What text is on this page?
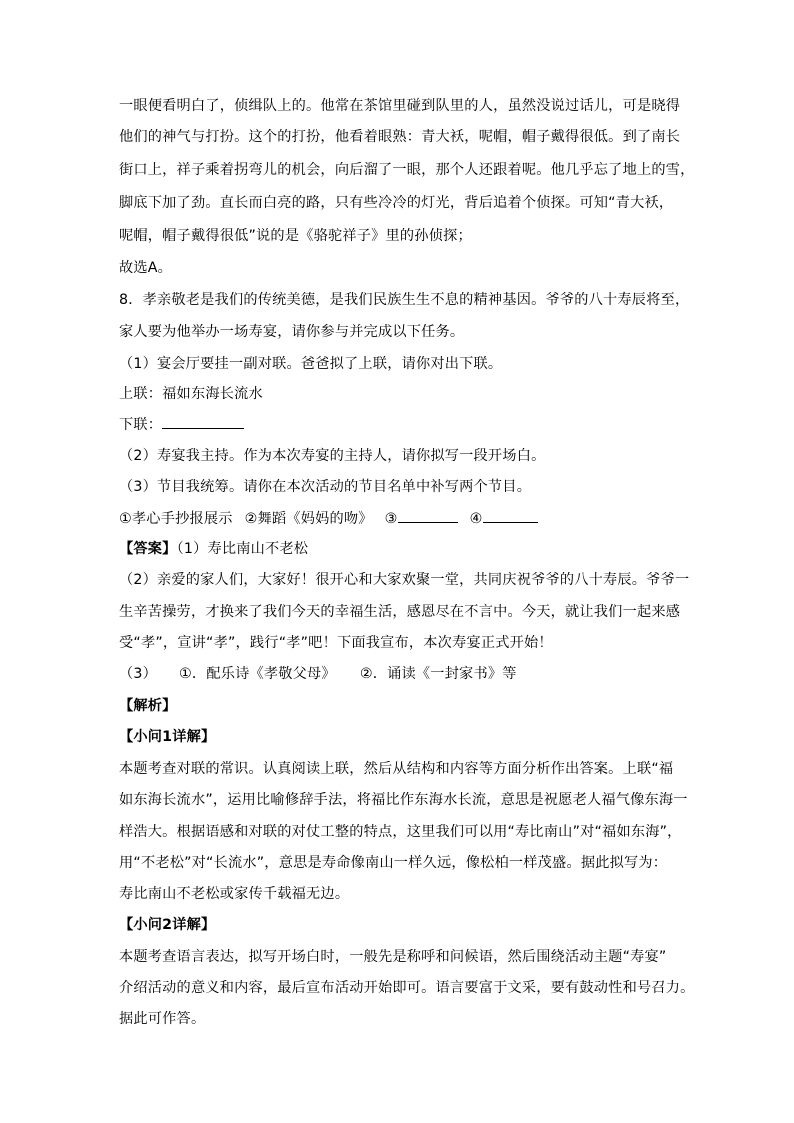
一眼便看明白了，侦缉队上的。他常在茶馆里碰到队里的人，虽然没说过话儿，可是晓得
他们的神气与打扮。这个的打扮，他看着眼熟：青大袄，呢帽，帽子戴得很低。到了南长
街口上，祥子乘着拐弯儿的机会，向后溜了一眼，那个人还跟着呢。他几乎忘了地上的雪，
脚底下加了劲。直长而白亮的路，只有些冷冷的灯光，背后追着个侦探。可知“青大袄，
呢帽，帽子戴得很低”说的是《骆驼祥子》里的孙侦探；
故选A。
8．孝亲敬老是我们的传统美德，是我们民族生生不息的精神基因。爷爷的八十寿辰将至，
家人要为他举办一场寿宴，请你参与并完成以下任务。
（1）宴会厅要挂一副对联。爸爸拟了上联，请你对出下联。
上联：福如东海长流水
下联：
（2）寿宴我主持。作为本次寿宴的主持人，请你拟写一段开场白。
（3）节目我统筹。请你在本次活动的节目名单中补写两个节目。
①孝心手抄报展示 ②舞蹈《妈妈的吻》 ③	④
【答案】（1）寿比南山不老松
（2）亲爱的家人们，大家好！很开心和大家欢聚一堂，共同庆祝爷爷的八十寿辰。爷爷一
生辛苦操劳，才换来了我们今天的幸福生活，感恩尽在不言中。今天，就让我们一起来感
受“孝”，宣讲“孝”，践行“孝”吧！下面我宣布，本次寿宴正式开始！
（3） ①．配乐诗《孝敬父母》 ②．诵读《一封家书》等
【解析】
【小问1详解】
本题考查对联的常识。认真阅读上联，然后从结构和内容等方面分析作出答案。上联“福
如东海长流水”，运用比喻修辞手法，将福比作东海水长流，意思是祝愿老人福气像东海一
样浩大。根据语感和对联的对仗工整的特点，这里我们可以用“寿比南山”对“福如东海”，
用“不老松”对“长流水”，意思是寿命像南山一样久远，像松柏一样茂盛。据此拟写为：
寿比南山不老松或家传千载福无边。
【小问2详解】
本题考查语言表达，拟写开场白时，一般先是称呼和问候语，然后围绕活动主题“寿宴”
介绍活动的意义和内容，最后宣布活动开始即可。语言要富于文采，要有鼓动性和号召力。
据此可作答。
